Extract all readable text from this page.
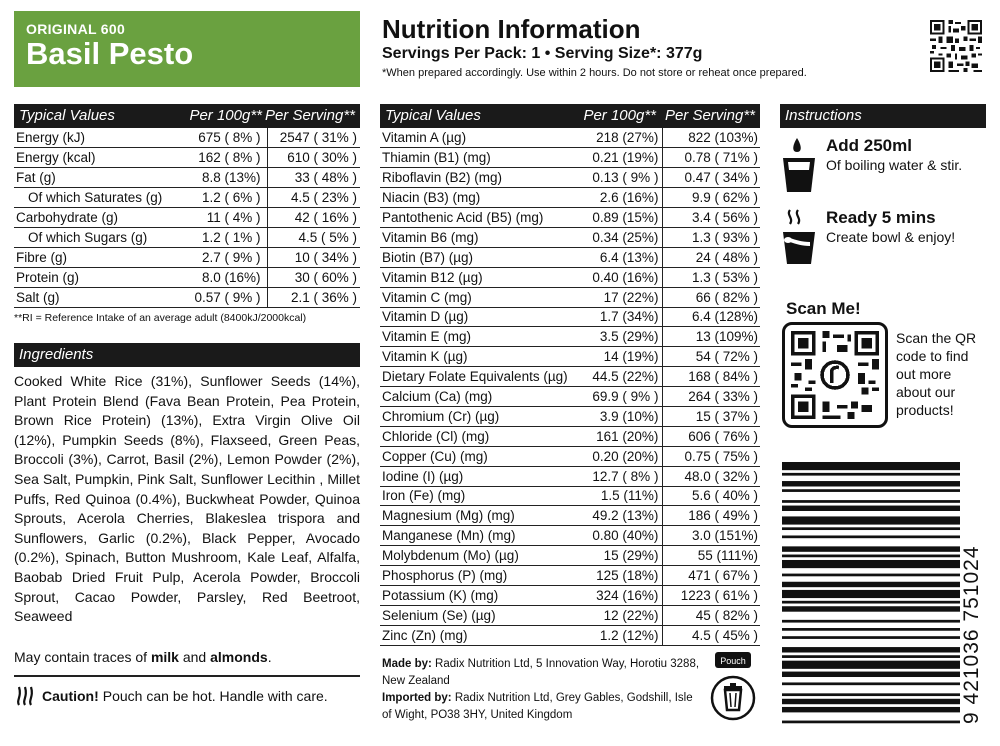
ORIGINAL 600
Basil Pesto
Nutrition Information
Servings Per Pack: 1 • Serving Size*: 377g
*When prepared accordingly. Use within 2 hours. Do not store or reheat once prepared.
Typical Values	Per 100g** Per Serving**
Energy (kJ)	675 ( 8% )	2547 ( 31% )
Energy (kcal)	162 ( 8% )	610 ( 30% )
Fat (g)	8.8 (13%)	33 ( 48% )
Of which Saturates (g)	1.2 ( 6% )	4.5 ( 23% )
Carbohydrate (g)	11 ( 4% )	42 ( 16% )
Of which Sugars (g)	1.2 ( 1% )	4.5 ( 5% )
Fibre (g)	2.7 ( 9% )	10 ( 34% )
Protein (g)	8.0 (16%)	30 ( 60% )
Salt (g)	0.57 ( 9% )	2.1 ( 36% )
**RI = Reference Intake of an average adult (8400kJ/2000kcal)
Ingredients
Cooked White Rice (31%), Sunflower Seeds (14%), Plant Protein Blend (Fava Bean Protein, Pea Protein, Brown Rice Protein) (13%), Extra Virgin Olive Oil (12%), Pumpkin Seeds (8%), Flaxseed, Green Peas, Broccoli (3%), Carrot, Basil (2%), Lemon Powder (2%), Sea Salt, Pumpkin, Pink Salt, Sunflower Lecithin , Millet Puffs, Red Quinoa (0.4%), Buckwheat Powder, Quinoa Sprouts, Acerola Cherries, Blakeslea trispora and Sunflowers, Garlic (0.2%), Black Pepper, Avocado (0.2%), Spinach, Button Mushroom, Kale Leaf, Alfalfa, Baobab Dried Fruit Pulp, Acerola Powder, Broccoli Sprout, Cacao Powder, Parsley, Red Beetroot, Seaweed
May contain traces of milk and almonds.
Caution! Pouch can be hot. Handle with care.
Typical Values	Per 100g** Per Serving**
Vitamin A (µg)	218 (27%)	822 (103%)
Thiamin (B1) (mg)	0.21 (19%)	0.78 ( 71% )
Riboflavin (B2) (mg)	0.13 ( 9% )	0.47 ( 34% )
Niacin (B3) (mg)	2.6 (16%)	9.9 ( 62% )
Pantothenic Acid (B5) (mg)	0.89 (15%)	3.4 ( 56% )
Vitamin B6 (mg)	0.34 (25%)	1.3 ( 93% )
Biotin (B7) (µg)	6.4 (13%)	24 ( 48% )
Vitamin B12 (µg)	0.40 (16%)	1.3 ( 53% )
Vitamin C (mg)	17 (22%)	66 ( 82% )
Vitamin D (µg)	1.7 (34%)	6.4 (128%)
Vitamin E (mg)	3.5 (29%)	13 (109%)
Vitamin K (µg)	14 (19%)	54 ( 72% )
Dietary Folate Equivalents (µg)	44.5 (22%)	168 ( 84% )
Calcium (Ca) (mg)	69.9 ( 9% )	264 ( 33% )
Chromium (Cr) (µg)	3.9 (10%)	15 ( 37% )
Chloride (Cl) (mg)	161 (20%)	606 ( 76% )
Copper (Cu) (mg)	0.20 (20%)	0.75 ( 75% )
Iodine (I) (µg)	12.7 ( 8% )	48.0 ( 32% )
Iron (Fe) (mg)	1.5 (11%)	5.6 ( 40% )
Magnesium (Mg) (mg)	49.2 (13%)	186 ( 49% )
Manganese (Mn) (mg)	0.80 (40%)	3.0 (151%)
Molybdenum (Mo) (µg)	15 (29%)	55 (111%)
Phosphorus (P) (mg)	125 (18%)	471 ( 67% )
Potassium (K) (mg)	324 (16%)	1223 ( 61% )
Selenium (Se) (µg)	12 (22%)	45 ( 82% )
Zinc (Zn) (mg)	1.2 (12%)	4.5 ( 45% )
Made by: Radix Nutrition Ltd, 5 Innovation Way, Horotiu 3288, New Zealand
Imported by: Radix Nutrition Ltd, Grey Gables, Godshill, Isle of Wight, PO38 3HY, United Kingdom
Pouch
Instructions
Add 250ml
Of boiling water & stir.
Ready 5 mins
Create bowl & enjoy!
Scan Me!
Scan the QR code to find out more about our products!
9 421036 751024
